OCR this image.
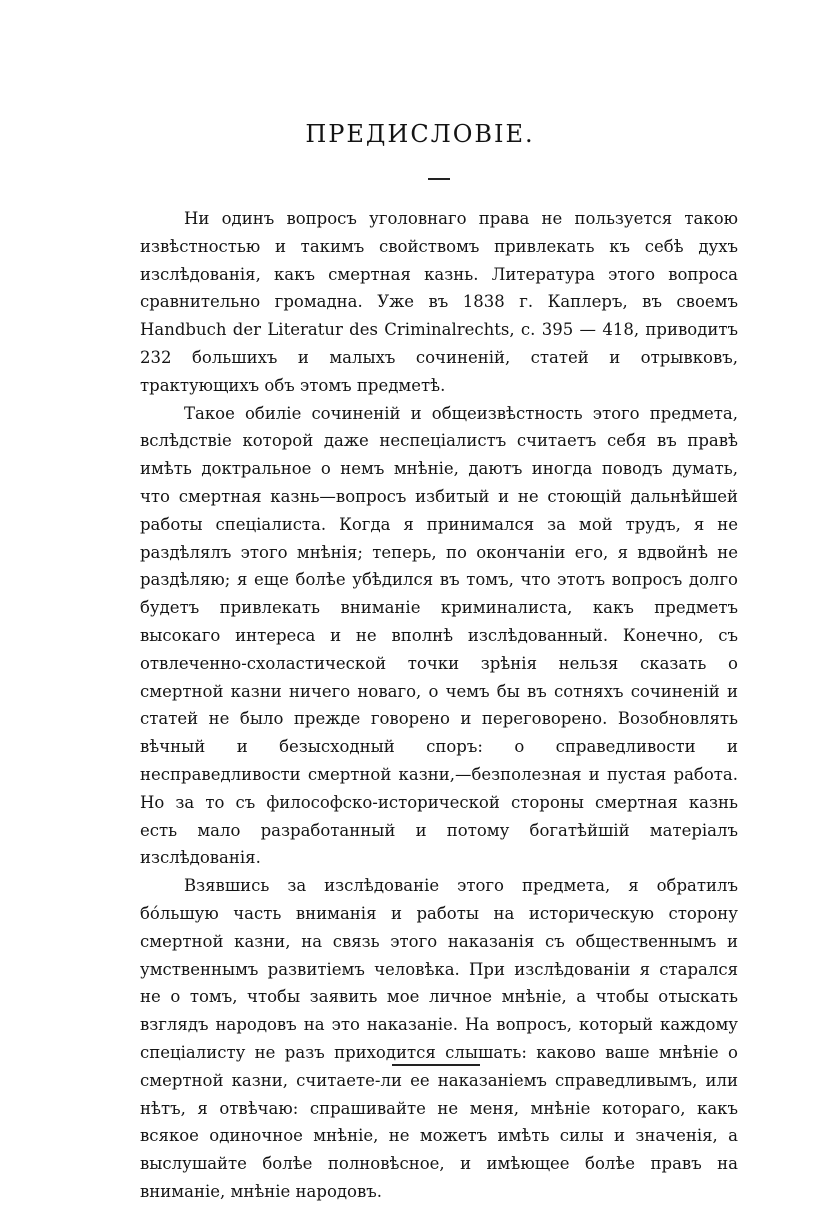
ПРЕДИСЛОВІЕ.

Ни одинъ вопросъ уголовнаго права не пользуется такою извѣстностью и такимъ свойствомъ привлекать къ себѣ духъ изслѣдованія, какъ смертная казнь. Литература этого вопроса сравнительно громадна. Уже въ 1838 г. Каплеръ, въ своемъ Handbuch der Literatur des Criminalrechts, с. 395 — 418, приводитъ 232 большихъ и малыхъ сочиненій, статей и отрывковъ, трактующихъ объ этомъ предметѣ.

Такое обиліе сочиненій и общеизвѣстность этого предмета, вслѣдствіе которой даже неспеціалистъ считаетъ себя въ правѣ имѣть доктральное о немъ мнѣніе, даютъ иногда поводъ думать, что смертная казнь—вопросъ избитый и не стоющій дальнѣйшей работы спеціалиста. Когда я принимался за мой трудъ, я не раздѣлялъ этого мнѣнія; теперь, по окончаніи его, я вдвойнѣ не раздѣляю; я еще болѣе убѣдился въ томъ, что этотъ вопросъ долго будетъ привлекать вниманіе криминалиста, какъ предметъ высокаго интереса и не вполнѣ изслѣдованный. Конечно, съ отвлеченно-схоластической точки зрѣнія нельзя сказать о смертной казни ничего новаго, о чемъ бы въ сотняхъ сочиненій и статей не было прежде говорено и переговорено. Возобновлять вѣчный и безысходный споръ: о справедливости и несправедливости смертной казни,—безполезная и пустая работа. Но за то съ философско-исторической стороны смертная казнь есть мало разработанный и потому богатѣйшій матеріалъ изслѣдованія.

Взявшись за изслѣдованіе этого предмета, я обратилъ бо́льшую часть вниманія и работы на историческую сторону смертной казни, на связь этого наказанія съ общественнымъ и умственнымъ развитіемъ человѣка. При изслѣдованіи я старался не о томъ, чтобы заявить мое личное мнѣніе, а чтобы отыскать взглядъ народовъ на это наказаніе. На вопросъ, который каждому спеціалисту не разъ приходится слышать: каково ваше мнѣніе о смертной казни, считаете-ли ее наказаніемъ справедливымъ, или нѣтъ, я отвѣчаю: спрашивайте не меня, мнѣніе котораго, какъ всякое одиночное мнѣніе, не можетъ имѣть силы и значенія, а выслушайте болѣе полновѣсное, и имѣющее болѣе правъ на вниманіе, мнѣніе народовъ.
